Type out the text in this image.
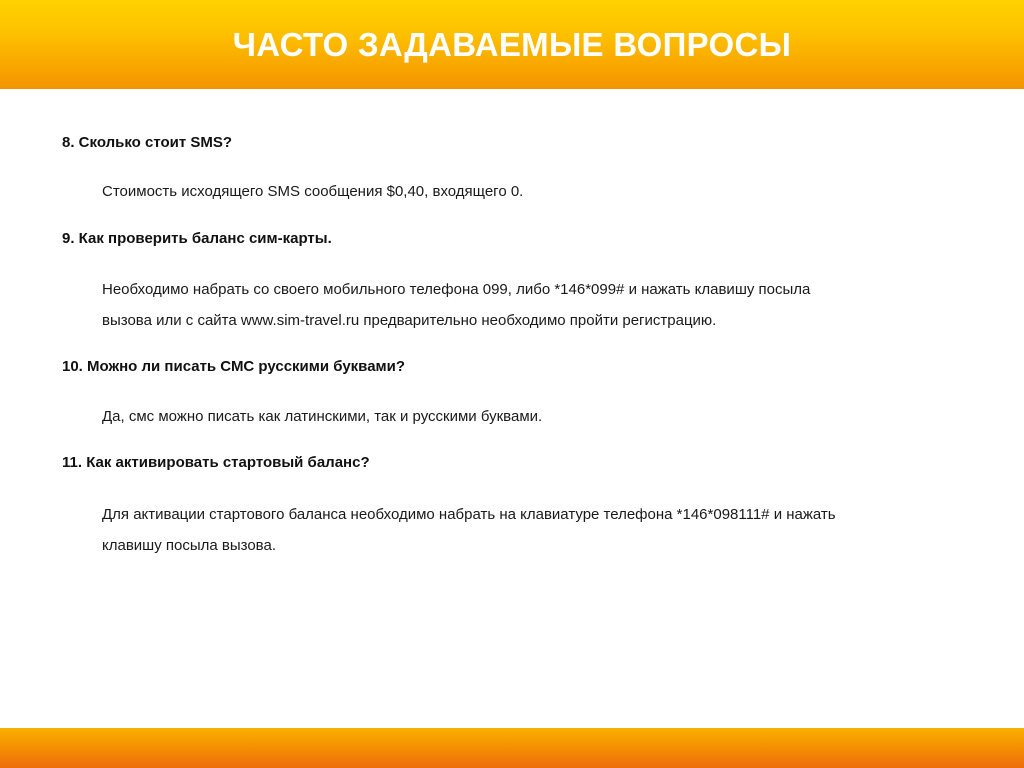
ЧАСТО ЗАДАВАЕМЫЕ ВОПРОСЫ

8. Сколько стоит SMS?

Стоимость исходящего SMS сообщения $0,40, входящего 0.

9. Как проверить баланс сим-карты.

Необходимо набрать со своего мобильного телефона 099, либо *146*099# и нажать клавишу посыла
вызова или с сайта www.sim-travel.ru предварительно необходимо пройти регистрацию.

10. Можно ли писать СМС русскими буквами?

Да, смс можно писать как латинскими, так и русскими буквами.

11. Как активировать стартовый баланс?

Для активации стартового баланса необходимо набрать на клавиатуре телефона *146*098111# и нажать
клавишу посыла вызова.
